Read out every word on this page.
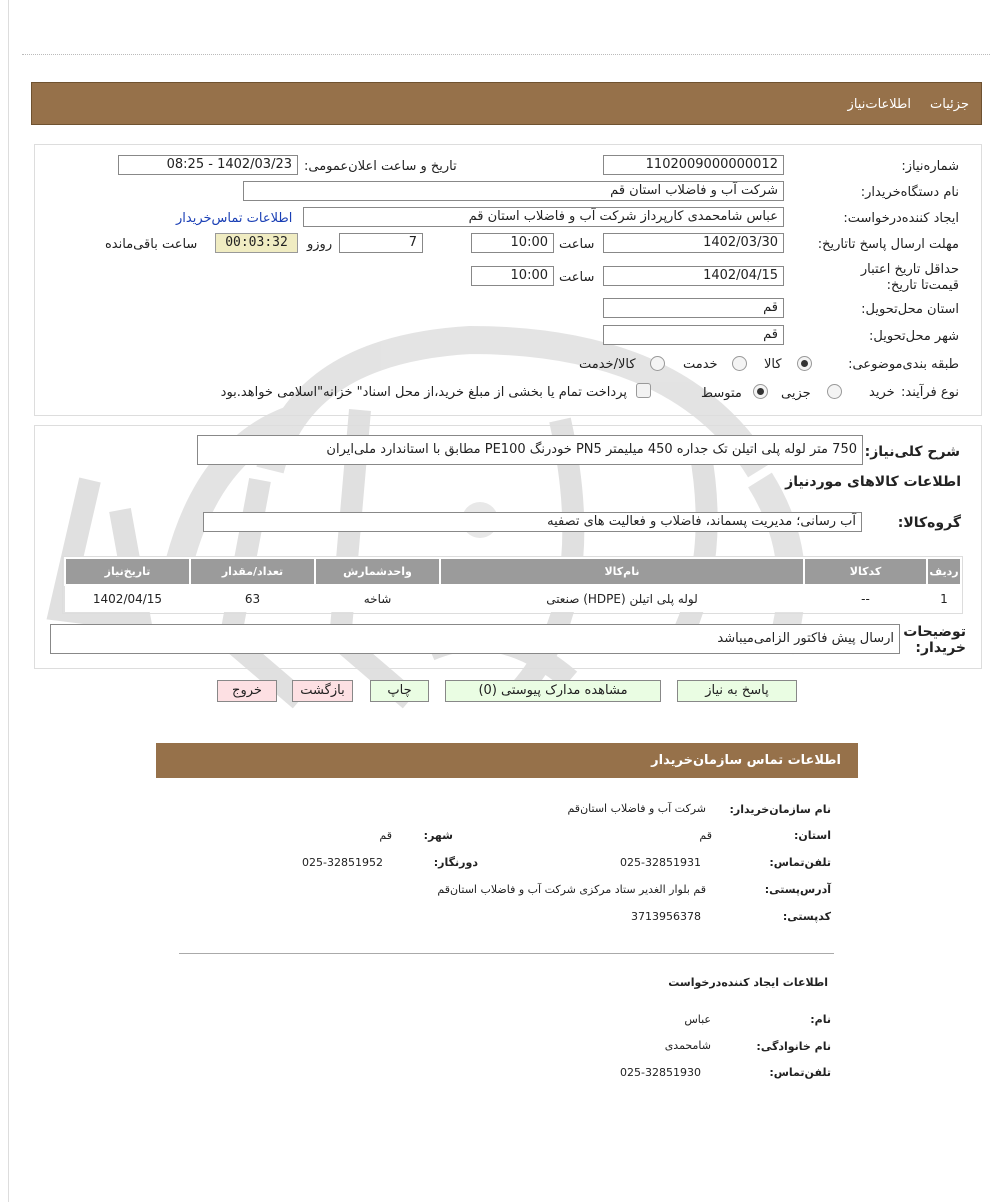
جزئیات
اطلاعات‌نیاز
شماره‌نیاز:
1102009000000012
تاریخ و ساعت اعلان‌عمومی:
1402/03/23 - 08:25
نام دستگاه‌خریدار:
شرکت آب و فاضلاب استان قم
ایجاد کننده‌درخواست:
عباس شامحمدی کارپرداز شرکت آب و فاضلاب استان قم
اطلاعات تماس‌خریدار
مهلت ارسال پاسخ تا‌تاریخ:
1402/03/30
ساعت
10:00
7
روزو
00:03:32
ساعت باقی‌مانده
حداقل تاریخ اعتبار قیمت‌تا تاریخ:
1402/04/15
ساعت
10:00
استان محل‌تحویل:
قم
شهر محل‌تحویل:
قم
طبقه بندی‌موضوعی:
کالا
خدمت
کالا/خدمت
نوع فرآیند:
خرید
جزیی
متوسط
پرداخت تمام یا بخشی از مبلغ خرید،از محل اسناد" خزانه"اسلامی خواهد.بود
شرح کلی‌نیاز:
750 متر لوله پلی اتیلن تک جداره 450 میلیمتر PN5 خودرنگ PE100 مطابق با استاندارد ملی‌ایران
اطلاعات کالاهای موردنیاز
گروه‌کالا:
آب رسانی؛ مدیریت پسماند، فاضلاب و فعالیت های تصفیه
ردیف	کدکالا	نام‌کالا	واحدشمارش	تعداد/مقدار	تاریخ‌نیاز
1	--	لوله پلی اتیلن (HDPE) صنعتی	شاخه	63	1402/04/15
توضیحات خریدار:
ارسال پیش فاکتور الزامی‌میباشد
پاسخ به نیاز
مشاهده مدارک پیوستی (0)
چاپ
بازگشت
خروج
اطلاعات تماس سازمان‌خریدار
نام سازمان‌خریدار:
شرکت آب و فاضلاب استان‌قم
استان:
قم
شهر:
قم
تلفن‌تماس:
025-32851931
دورنگار:
025-32851952
آدرس‌پستی:
قم بلوار الغدیر ستاد مرکزی شرکت آب و فاضلاب استان‌قم
کد‌پستی:
3713956378
اطلاعات ایجاد کننده‌درخواست
نام:
عباس
نام خانوادگی:
شامحمدی
تلفن‌تماس:
025-32851930
